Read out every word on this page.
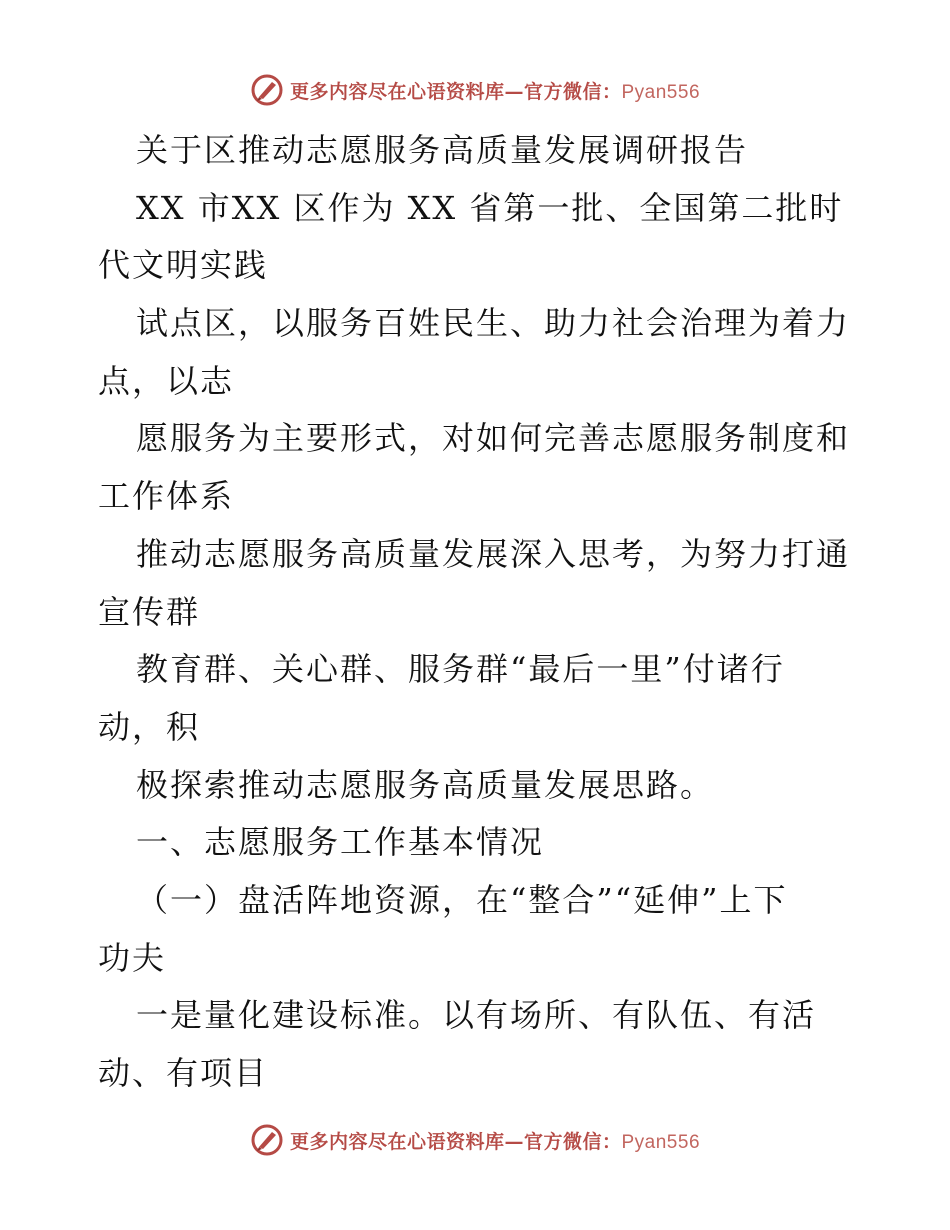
更多内容尽在心语资料库—官方微信：Pyan556
关于区推动志愿服务高质量发展调研报告
XX 市XX 区作为 XX 省第一批、全国第二批时
代文明实践
试点区，以服务百姓民生、助力社会治理为着力
点，以志
愿服务为主要形式，对如何完善志愿服务制度和
工作体系
推动志愿服务高质量发展深入思考，为努力打通
宣传群
教育群、关心群、服务群“最后一里”付诸行
动，积
极探索推动志愿服务高质量发展思路。
一、志愿服务工作基本情况
（一）盘活阵地资源，在“整合”“延伸”上下
功夫
一是量化建设标准。以有场所、有队伍、有活
动、有项目
更多内容尽在心语资料库—官方微信：Pyan556
